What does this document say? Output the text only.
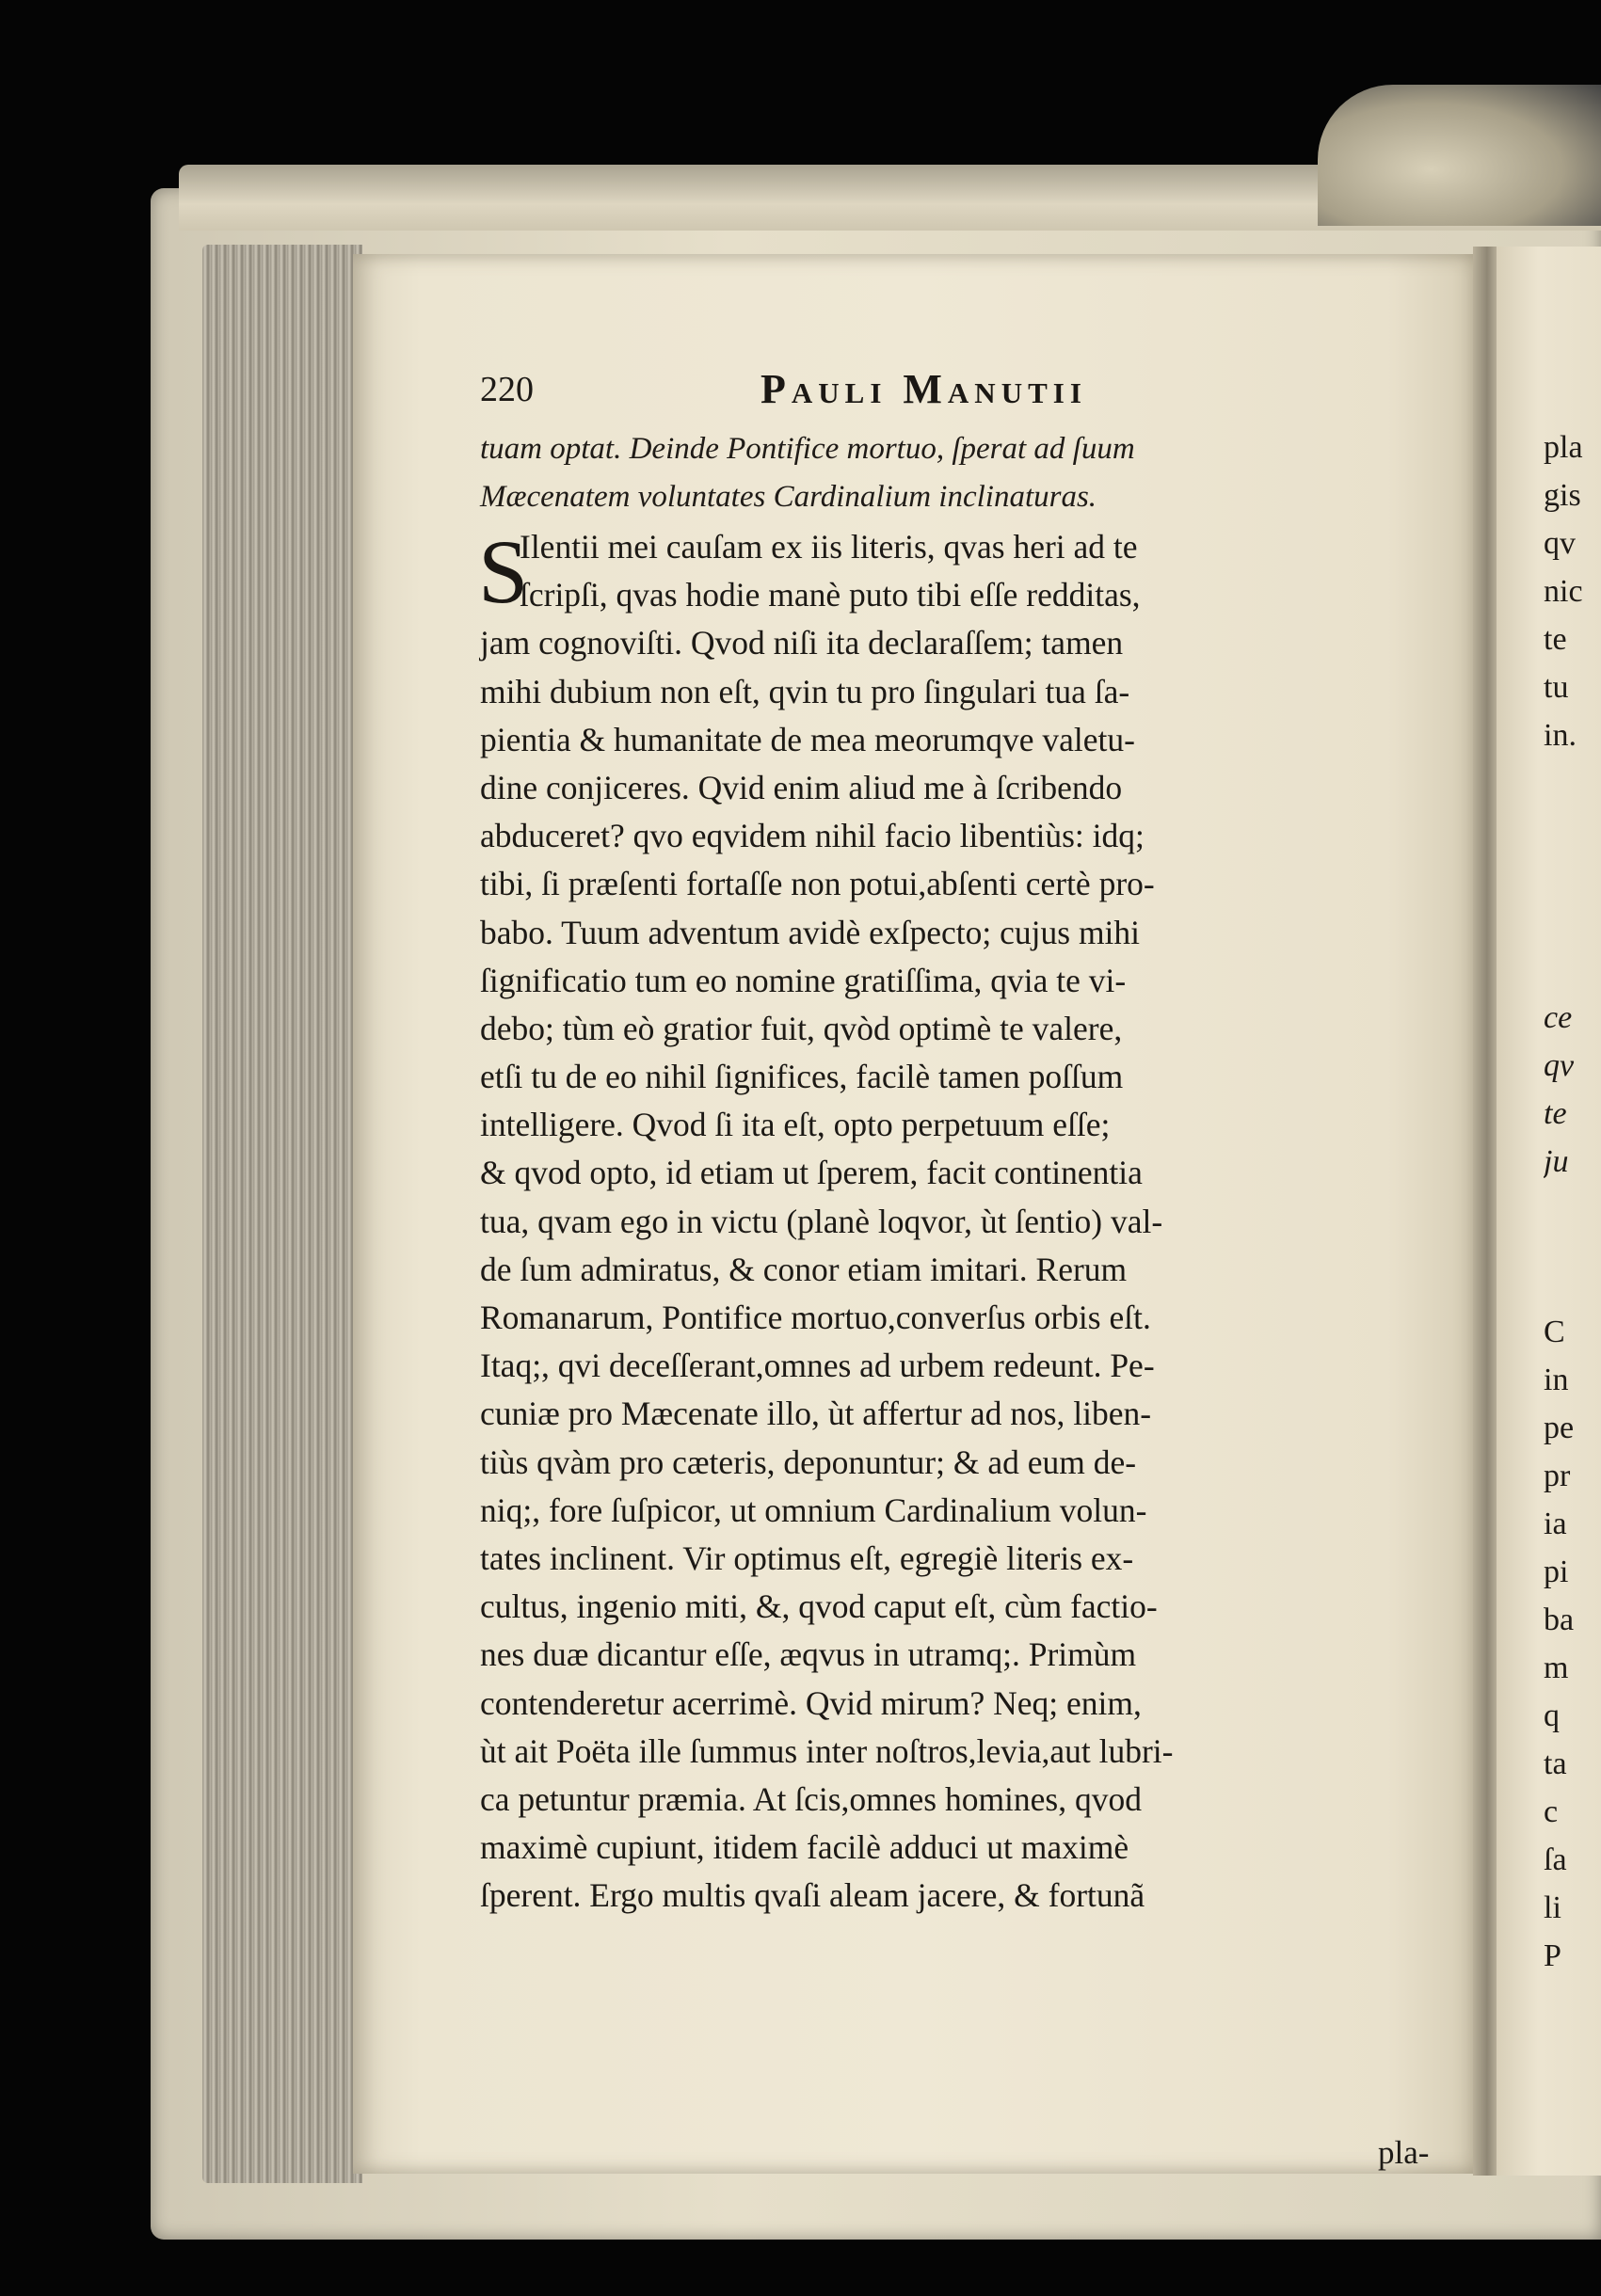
220	Pauli Manutii
tuam optat. Deinde Pontifice mortuo, ſperat ad ſuum
Mæcenatem voluntates Cardinalium inclinaturas.
S
Ilentii mei cauſam ex iis literis, qvas heri ad te
ſcripſi, qvas hodie manè puto tibi eſſe redditas,
jam cognoviſti. Qvod niſi ita declaraſſem; tamen
mihi dubium non eſt, qvin tu pro ſingulari tua ſa-
pientia & humanitate de mea meorumqve valetu-
dine conjiceres. Qvid enim aliud me à ſcribendo
abduceret? qvo eqvidem nihil facio libentiùs: idq;
tibi, ſi præſenti fortaſſe non potui,abſenti certè pro-
babo. Tuum adventum avidè exſpecto; cujus mihi
ſignificatio tum eo nomine gratiſſima, qvia te vi-
debo; tùm eò gratior fuit, qvòd optimè te valere,
etſi tu de eo nihil ſignifices, facilè tamen poſſum
intelligere. Qvod ſi ita eſt, opto perpetuum eſſe;
& qvod opto, id etiam ut ſperem, facit continentia
tua, qvam ego in victu (planè loqvor, ùt ſentio) val-
de ſum admiratus, & conor etiam imitari. Rerum
Romanarum, Pontifice mortuo,converſus orbis eſt.
Itaq;, qvi deceſſerant,omnes ad urbem redeunt. Pe-
cuniæ pro Mæcenate illo, ùt affertur ad nos, liben-
tiùs qvàm pro cæteris, deponuntur; & ad eum de-
niq;, fore ſuſpicor, ut omnium Cardinalium volun-
tates inclinent. Vir optimus eſt, egregiè literis ex-
cultus, ingenio miti, &, qvod caput eſt, cùm factio-
nes duæ dicantur eſſe, æqvus in utramq;. Primùm
contenderetur acerrimè. Qvid mirum? Neq; enim,
ùt ait Poëta ille ſummus inter noſtros,levia,aut lubri-
ca petuntur præmia. At ſcis,omnes homines, qvod
maximè cupiunt, itidem facilè adduci ut maximè
ſperent. Ergo multis qvaſi aleam jacere, & fortunã
pla-
pla
gis
qv
nic
te
tu
in.
ce
qv
te
ju
C
in
pe
pr
ia
pi
ba
m
q
ta
c
ſa
li
P
